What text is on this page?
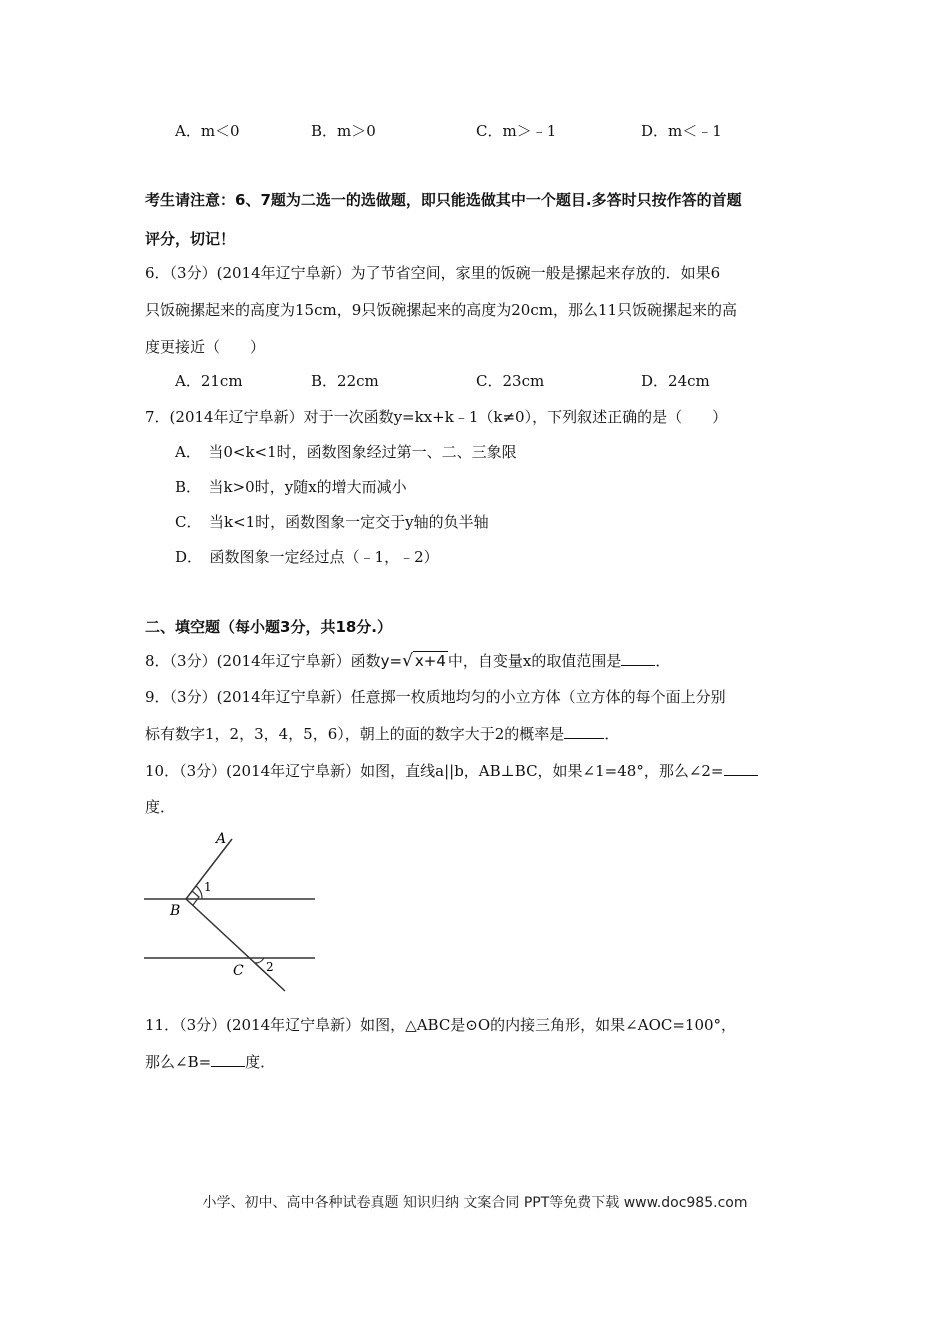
A．m＜0	B．m＞0	C．m＞﹣1	D．m＜﹣1
考生请注意：6、7题为二选一的选做题，即只能选做其中一个题目.多答时只按作答的首题
评分，切记！
6．（3分）(2014年辽宁阜新）为了节省空间，家里的饭碗一般是摞起来存放的．如果6
只饭碗摞起来的高度为15cm，9只饭碗摞起来的高度为20cm，那么11只饭碗摞起来的高
度更接近（　　）
A．21cm	B．22cm	C．23cm	D．24cm
7．(2014年辽宁阜新）对于一次函数y=kx+k﹣1（k≠0），下列叙述正确的是（　　）
A．　当0<k<1时，函数图象经过第一、二、三象限
B．　当k>0时，y随x的增大而减小
C．　当k<1时，函数图象一定交于y轴的负半轴
D．　函数图象一定经过点（﹣1，﹣2）
二、填空题（每小题3分，共18分.）
8．（3分）(2014年辽宁阜新）函数y=√ x+4 中，自变量x的取值范围是 ．
9．（3分）(2014年辽宁阜新）任意掷一枚质地均匀的小立方体（立方体的每个面上分别
标有数字1，2，3，4，5，6），朝上的面的数字大于2的概率是	．
10．（3分）(2014年辽宁阜新）如图，直线a||b，AB⊥BC，如果∠1=48°，那么∠2=
度．
A
B
C
1
2
11．（3分）(2014年辽宁阜新）如图，△ABC是⊙O的内接三角形，如果∠AOC=100°，
那么∠B= 度．
小学、初中、高中各种试卷真题 知识归纳 文案合同 PPT等免费下载 www.doc985.com
